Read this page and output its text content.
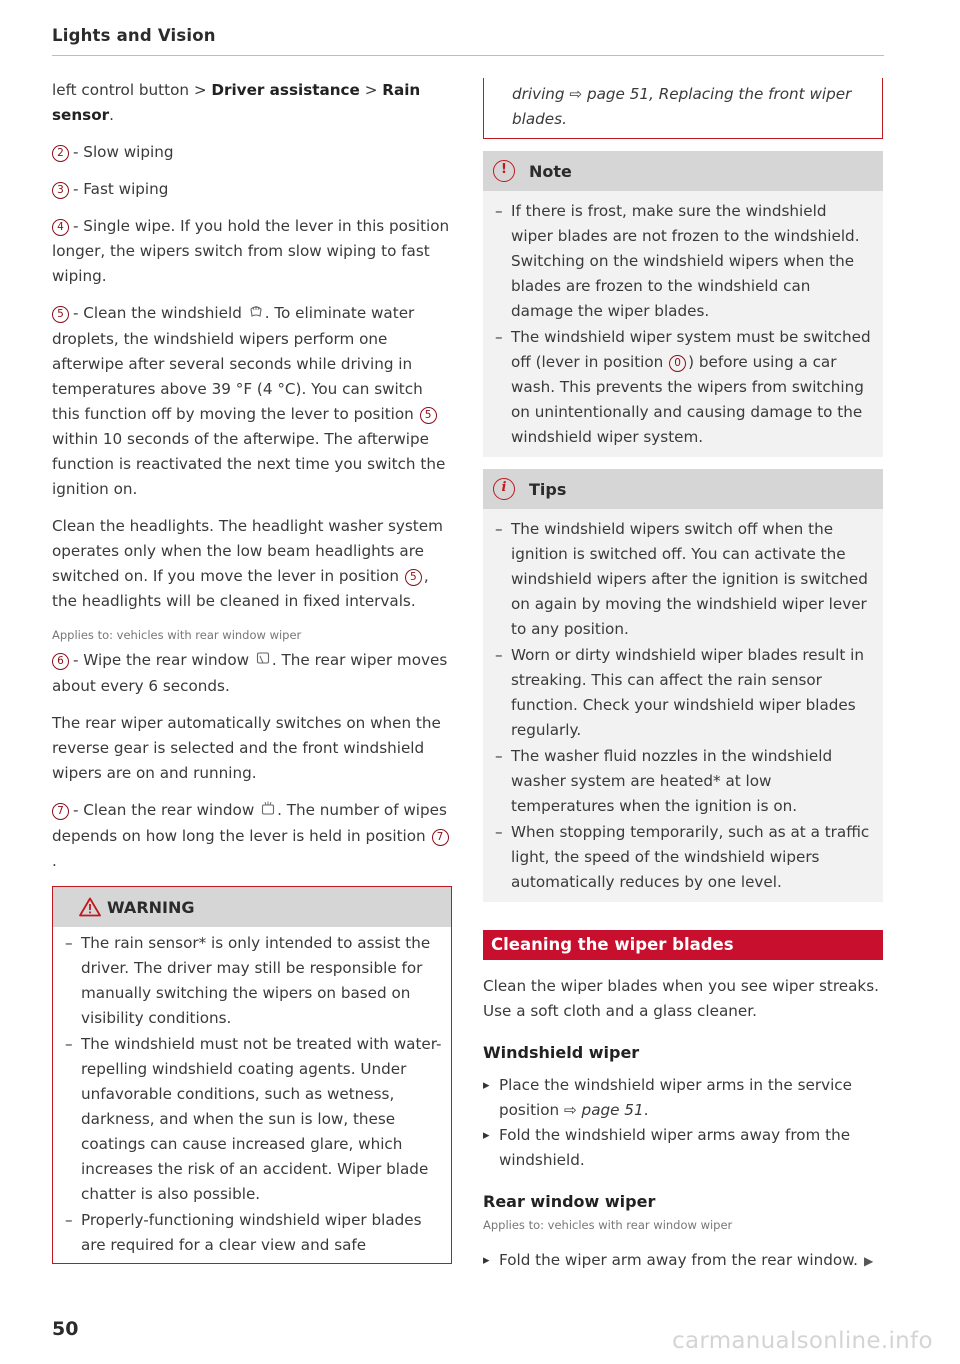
Lights and Vision

left control button > Driver assistance > Rain sensor.

2 - Slow wiping

3 - Fast wiping

4 - Single wipe. If you hold the lever in this position longer, the wipers switch from slow wiping to fast wiping.

5 - Clean the windshield . To eliminate water droplets, the windshield wipers perform one afterwipe after several seconds while driving in temperatures above 39 °F (4 °C). You can switch this function off by moving the lever to position 5within 10 seconds of the afterwipe. The afterwipe function is reactivated the next time you switch the ignition on.

Clean the headlights. The headlight washer system operates only when the low beam headlights are switched on. If you move the lever in position 5 , the headlights will be cleaned in fixed intervals.

Applies to: vehicles with rear window wiper

6 - Wipe the rear window . The rear wiper moves about every 6 seconds.

The rear wiper automatically switches on when the reverse gear is selected and the front windshield wipers are on and running.

7 - Clean the rear window . The number of wipes depends on how long the lever is held in position 7.

WARNING
– The rain sensor* is only intended to assist the driver. The driver may still be responsible for manually switching the wipers on based on visibility conditions.
– The windshield must not be treated with water-repelling windshield coating agents. Under unfavorable conditions, such as wetness, darkness, and when the sun is low, these coatings can cause increased glare, which increases the risk of an accident. Wiper blade chatter is also possible.
– Properly-functioning windshield wiper blades are required for a clear view and safe

driving ⇨ page 51, Replacing the front wiper blades.

!	Note
– If there is frost, make sure the windshield wiper blades are not frozen to the windshield. Switching on the windshield wipers when the blades are frozen to the windshield can damage the wiper blades.
– The windshield wiper system must be switched off (lever in position 0 ) before using a car wash. This prevents the wipers from switching on unintentionally and causing damage to the windshield wiper system.
i	Tips
– The windshield wipers switch off when the ignition is switched off. You can activate the windshield wipers after the ignition is switched on again by moving the windshield wiper lever to any position.
– Worn or dirty windshield wiper blades result in streaking. This can affect the rain sensor function. Check your windshield wiper blades regularly.
– The washer fluid nozzles in the windshield washer system are heated* at low temperatures when the ignition is on.
– When stopping temporarily, such as at a traffic light, the speed of the windshield wipers automatically reduces by one level.
Cleaning the wiper blades

Clean the wiper blades when you see wiper streaks. Use a soft cloth and a glass cleaner.

Windshield wiper

▸ Place the windshield wiper arms in the service position ⇨ page 51.

▸ Fold the windshield wiper arms away from the windshield.

Rear window wiper
Applies to: vehicles with rear window wiper

▸ Fold the wiper arm away from the rear window. ▶

50	carmanualsonline.info
